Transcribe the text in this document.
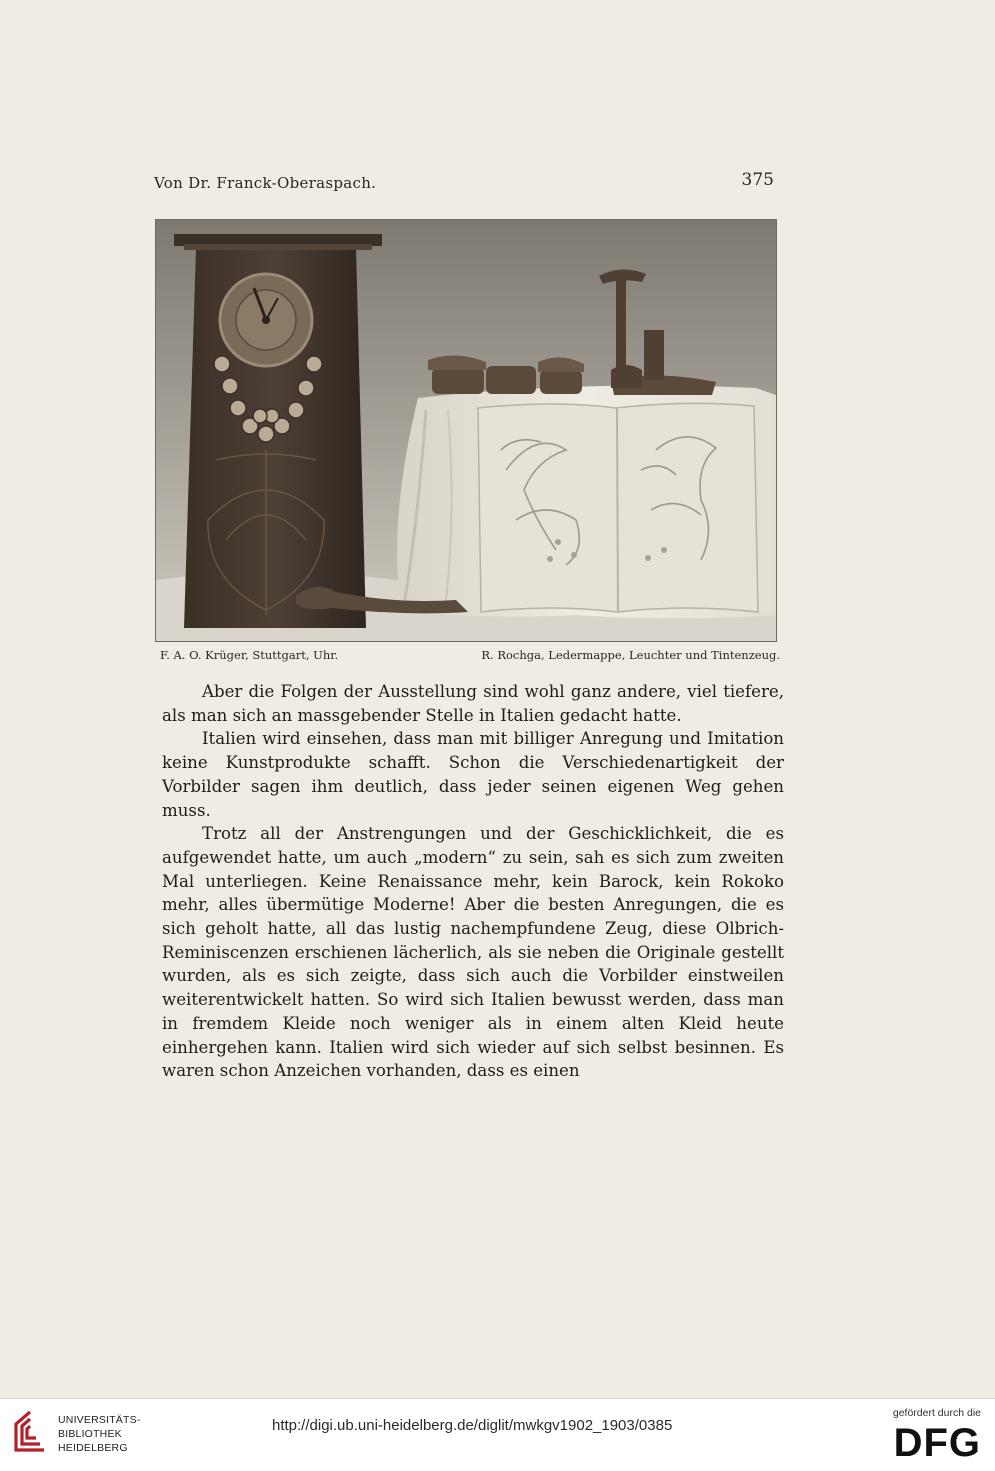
Von Dr. Franck-Oberaspach.	375
F. A. O. Krüger, Stuttgart, Uhr.	R. Rochga, Ledermappe, Leuchter und Tintenzeug.

Aber die Folgen der Ausstellung sind wohl ganz andere, viel tiefere, als man sich an massgebender Stelle in Italien gedacht hatte.

Italien wird einsehen, dass man mit billiger Anregung und Imitation keine Kunstprodukte schafft. Schon die Verschiedenartigkeit der Vorbilder sagen ihm deutlich, dass jeder seinen eigenen Weg gehen muss.

Trotz all der Anstrengungen und der Geschicklichkeit, die es aufgewendet hatte, um auch „modern“ zu sein, sah es sich zum zweiten Mal unterliegen. Keine Renaissance mehr, kein Barock, kein Rokoko mehr, alles übermütige Moderne! Aber die besten Anregungen, die es sich geholt hatte, all das lustig nachempfundene Zeug, diese Olbrich-Reminiscenzen erschienen lächerlich, als sie neben die Originale gestellt wurden, als es sich zeigte, dass sich auch die Vorbilder einstweilen weiterentwickelt hatten. So wird sich Italien bewusst werden, dass man in fremdem Kleide noch weniger als in einem alten Kleid heute einhergehen kann. Italien wird sich wieder auf sich selbst besinnen. Es waren schon Anzeichen vorhanden, dass es einen

UNIVERSITÄTS-
BIBLIOTHEK
HEIDELBERG
http://digi.ub.uni-heidelberg.de/diglit/mwkgv1902_1903/0385
gefördert durch die
DFG
